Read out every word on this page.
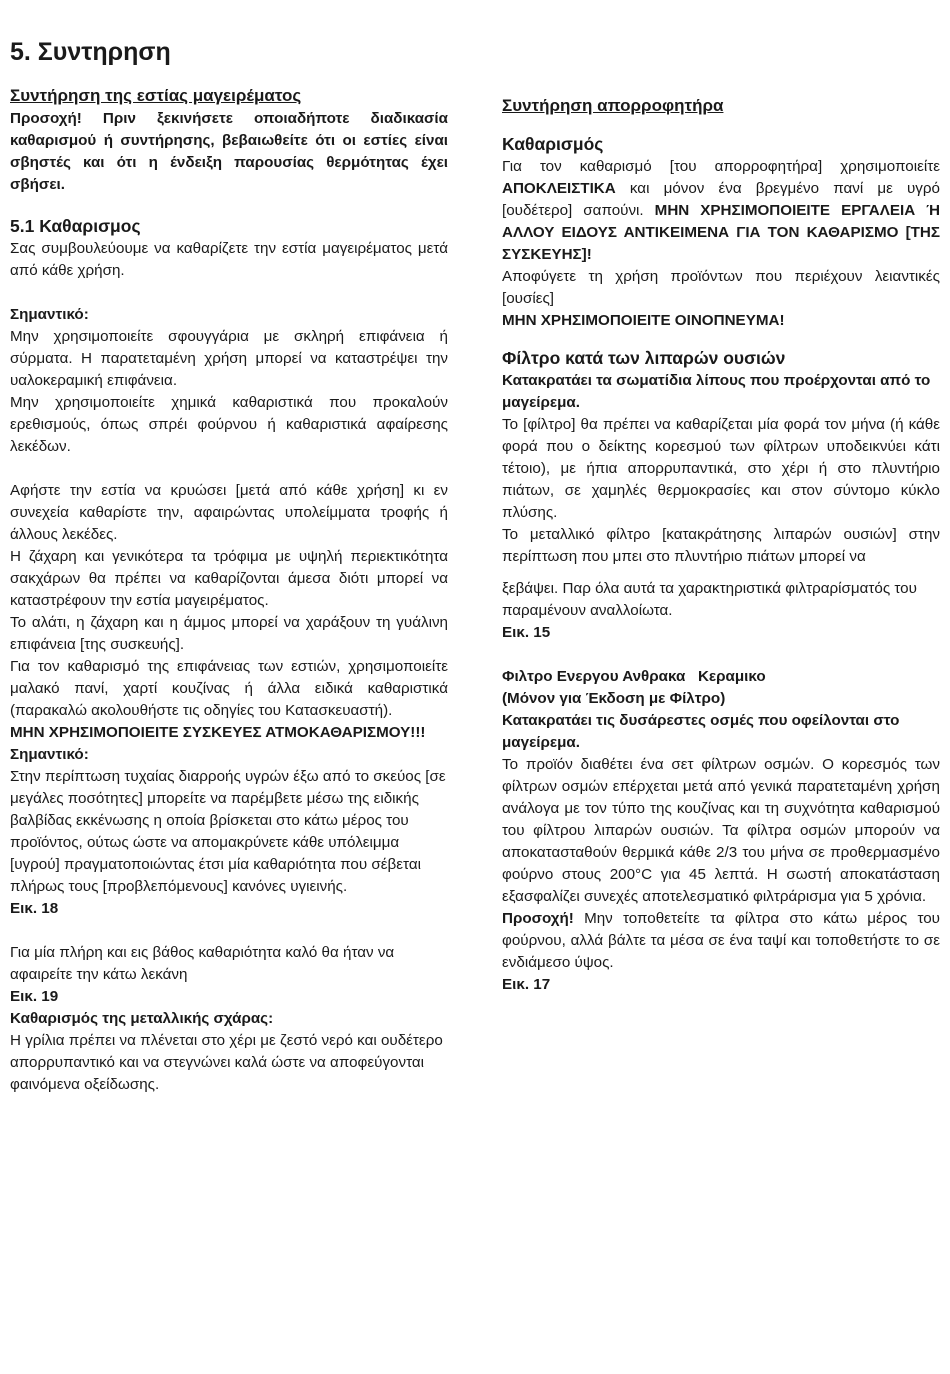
5. Συντηρηση

Συντήρηση της εστίας μαγειρέματος

Προσοχή! Πριν ξεκινήσετε οποιαδήποτε διαδικασία καθαρισμού ή συντήρησης, βεβαιωθείτε ότι οι εστίες είναι σβηστές και ότι η ένδειξη παρουσίας θερμότητας έχει σβήσει.

5.1 Καθαρισμος

Σας συμβουλεύουμε να καθαρίζετε την εστία μαγειρέματος μετά από κάθε χρήση.

Σημαντικό:

Μην χρησιμοποιείτε σφουγγάρια με σκληρή επιφάνεια ή σύρματα. Η παρατεταμένη χρήση μπορεί να καταστρέψει την υαλοκεραμική επιφάνεια.

Μην χρησιμοποιείτε χημικά καθαριστικά που προκαλούν ερεθισμούς, όπως σπρέι φούρνου ή καθαριστικά αφαίρεσης λεκέδων.

Αφήστε την εστία να κρυώσει [μετά από κάθε χρήση] κι εν συνεχεία καθαρίστε την, αφαιρώντας υπολείμματα τροφής ή άλλους λεκέδες.

Η ζάχαρη και γενικότερα τα τρόφιμα με υψηλή περιεκτικότητα σακχάρων θα πρέπει να καθαρίζονται άμεσα διότι μπορεί να καταστρέφουν την εστία μαγειρέματος.

Το αλάτι, η ζάχαρη και η άμμος μπορεί να χαράξουν τη γυάλινη επιφάνεια [της συσκευής].

Για τον καθαρισμό της επιφάνειας των εστιών, χρησιμοποιείτε μαλακό πανί, χαρτί κουζίνας ή άλλα ειδικά καθαριστικά (παρακαλώ ακολουθήστε τις οδηγίες του Κατασκευαστή).

ΜΗΝ ΧΡΗΣΙΜΟΠΟΙΕΙΤΕ ΣΥΣΚΕΥΕΣ ΑΤΜΟΚΑΘΑΡΙΣΜΟΥ!!!

Σημαντικό:

Στην περίπτωση τυχαίας διαρροής υγρών έξω από το σκεύος [σε μεγάλες ποσότητες] μπορείτε να παρέμβετε μέσω της ειδικής βαλβίδας εκκένωσης η οποία βρίσκεται στο κάτω μέρος του προϊόντος, ούτως ώστε να απομακρύνετε κάθε υπόλειμμα [υγρού] πραγματοποιώντας έτσι μία καθαριότητα που σέβεται πλήρως τους [προβλεπόμενους] κανόνες υγιεινής.

Εικ. 18

Για μία πλήρη και εις βάθος καθαριότητα καλό θα ήταν να αφαιρείτε την κάτω λεκάνη

Εικ. 19

Καθαρισμός της μεταλλικής σχάρας:

Η γρίλια πρέπει να πλένεται στο χέρι με ζεστό νερό και ουδέτερο απορρυπαντικό και να στεγνώνει καλά ώστε να αποφεύγονται φαινόμενα οξείδωσης.

Συντήρηση απορροφητήρα

Καθαρισμός

Για τον καθαρισμό [του απορροφητήρα] χρησιμοποιείτε ΑΠΟΚΛΕΙΣΤΙΚΑ και μόνον ένα βρεγμένο πανί με υγρό [ουδέτερο] σαπούνι. ΜΗΝ ΧΡΗΣΙΜΟΠΟΙΕΙΤΕ ΕΡΓΑΛΕΙΑ Ή ΑΛΛΟΥ ΕΙΔΟΥΣ ΑΝΤΙΚΕΙΜΕΝΑ ΓΙΑ ΤΟΝ ΚΑΘΑΡΙΣΜΟ [ΤΗΣ ΣΥΣΚΕΥΗΣ]!

Αποφύγετε τη χρήση προϊόντων που περιέχουν λειαντικές [ουσίες]

ΜΗΝ ΧΡΗΣΙΜΟΠΟΙΕΙΤΕ ΟΙΝΟΠΝΕΥΜΑ!

Φίλτρο κατά των λιπαρών ουσιών

Κατακρατάει τα σωματίδια λίπους που προέρχονται από το μαγείρεμα.

Το [φίλτρο] θα πρέπει να καθαρίζεται μία φορά τον μήνα (ή κάθε φορά που ο δείκτης κορεσμού των φίλτρων υποδεικνύει κάτι τέτοιο), με ήπια απορρυπαντικά, στο χέρι ή στο πλυντήριο πιάτων, σε χαμηλές θερμοκρασίες και στον σύντομο κύκλο πλύσης.

Το μεταλλικό φίλτρο [κατακράτησης λιπαρών ουσιών] στην περίπτωση που μπει στο πλυντήριο πιάτων μπορεί να

ξεβάψει. Παρ όλα αυτά τα χαρακτηριστικά φιλτραρίσματός του παραμένουν αναλλοίωτα.

Εικ. 15

Φιλτρο Ενεργου Ανθρακα   Κεραμικο

(Μόνον για Έκδοση με Φίλτρο)

Κατακρατάει τις δυσάρεστες οσμές που οφείλονται στο μαγείρεμα.

Το προϊόν διαθέτει ένα σετ φίλτρων οσμών. Ο κορεσμός των φίλτρων οσμών επέρχεται μετά από γενικά παρατεταμένη χρήση ανάλογα με τον τύπο της κουζίνας και τη συχνότητα καθαρισμού του φίλτρου λιπαρών ουσιών. Τα φίλτρα οσμών μπορούν να αποκατασταθούν θερμικά κάθε 2/3 του μήνα σε προθερμασμένο φούρνο στους 200°C για 45 λεπτά. Η σωστή αποκατάσταση εξασφαλίζει συνεχές αποτελεσματικό φιλτράρισμα για 5 χρόνια.

Προσοχή! Μην τοποθετείτε τα φίλτρα στο κάτω μέρος του φούρνου, αλλά βάλτε τα μέσα σε ένα ταψί και τοποθετήστε το σε ενδιάμεσο ύψος.

Εικ. 17
